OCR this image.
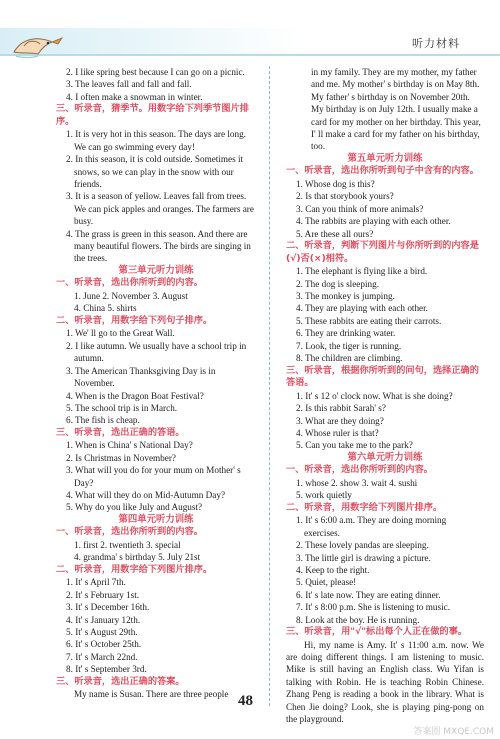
听力材料
2. I like spring best because I can go on a picnic.
3. The leaves fall and fall and fall.
4. I often make a snowman in winter.
三、听录音，猜季节。用数字给下列季节图片排序。
1. It is very hot in this season. The days are long. We can go swimming every day!
2. In this season, it is cold outside. Sometimes it snows, so we can play in the snow with our friends.
3. It is a season of yellow. Leaves fall from trees. We can pick apples and oranges. The farmers are busy.
4. The grass is green in this season. And there are many beautiful flowers. The birds are singing in the trees.
第三单元听力训练
一、听录音，选出你所听到的内容。
1. June 2. November 3. August
4. China 5. shirts
二、听录音，用数字给下列句子排序。
1. We' ll go to the Great Wall.
2. I like autumn. We usually have a school trip in autumn.
3. The American Thanksgiving Day is in November.
4. When is the Dragon Boat Festival?
5. The school trip is in March.
6. The fish is cheap.
三、听录音，选出正确的答语。
1. When is China' s National Day?
2. Is Christmas in November?
3. What will you do for your mum on Mother' s Day?
4. What will they do on Mid-Autumn Day?
5. Why do you like July and August?
第四单元听力训练
一、听录音，选出你所听到的内容。
1. first 2. twentieth 3. special
4. grandma' s birthday 5. July 21st
二、听录音，用数字给下列图片排序。
1. It' s April 7th.
2. It' s February 1st.
3. It' s December 16th.
4. It' s January 12th.
5. It' s August 29th.
6. It' s October 25th.
7. It' s March 22nd.
8. It' s September 3rd.
三、听录音，选出正确的答案。
My name is Susan. There are three people
in my family. They are my mother, my father and me. My mother' s birthday is on May 8th. My father' s birthday is on November 20th. My birthday is on July 12th. I usually make a card for my mother on her birthday. This year, I' ll make a card for my father on his birthday, too.
第五单元听力训练
一、听录音，选出你所听到句子中含有的内容。
1. Whose dog is this?
2. Is that storybook yours?
3. Can you think of more animals?
4. The rabbits are playing with each other.
5. Are these all ours?
二、听录音，判断下列图片与你所听到的内容是(√)否(×)相符。
1. The elephant is flying like a bird.
2. The dog is sleeping.
3. The monkey is jumping.
4. They are playing with each other.
5. These rabbits are eating their carrots.
6. They are drinking water.
7. Look, the tiger is running.
8. The children are climbing.
三、听录音，根据你所听到的问句，选择正确的答语。
1. It' s 12 o' clock now. What is she doing?
2. Is this rabbit Sarah' s?
3. What are they doing?
4. Whose ruler is that?
5. Can you take me to the park?
第六单元听力训练
一、听录音，选出你所听到的内容。
1. whose 2. show 3. wait 4. sushi
5. work quietly
二、听录音，用数字给下列图片排序。
1. It' s 6:00 a.m. They are doing morning exercises.
2. These lovely pandas are sleeping.
3. The little girl is drawing a picture.
4. Keep to the right.
5. Quiet, please!
6. It' s late now. They are eating dinner.
7. It' s 8:00 p.m. She is listening to music.
8. Look at the boy. He is running.
三、听录音，用"√"标出每个人正在做的事。
Hi, my name is Amy. It' s 11:00 a.m. now. We are doing different things. I am listening to music. Mike is still having an English class. Wu Yifan is talking with Robin. He is teaching Robin Chinese. Zhang Peng is reading a book in the library. What is Chen Jie doing? Look, she is playing ping-pong on the playground.
48
答案圈 MXQE.COM
